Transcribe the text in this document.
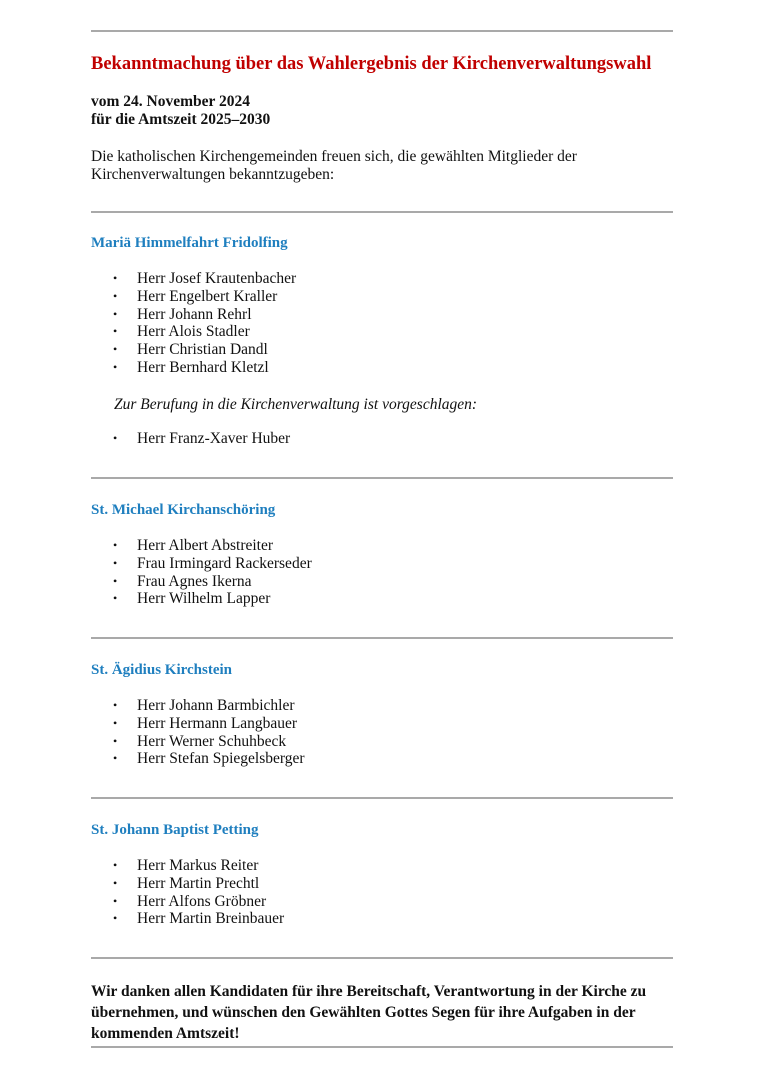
Bekanntmachung über das Wahlergebnis der Kirchenverwaltungswahl
vom 24. November 2024
für die Amtszeit 2025–2030
Die katholischen Kirchengemeinden freuen sich, die gewählten Mitglieder der
Kirchenverwaltungen bekanntzugeben:
Mariä Himmelfahrt Fridolfing
• Herr Josef Krautenbacher
• Herr Engelbert Kraller
• Herr Johann Rehrl
• Herr Alois Stadler
• Herr Christian Dandl
• Herr Bernhard Kletzl
Zur Berufung in die Kirchenverwaltung ist vorgeschlagen:
• Herr Franz-Xaver Huber
St. Michael Kirchanschöring
• Herr Albert Abstreiter
• Frau Irmingard Rackerseder
• Frau Agnes Ikerna
• Herr Wilhelm Lapper
St. Ägidius Kirchstein
• Herr Johann Barmbichler
• Herr Hermann Langbauer
• Herr Werner Schuhbeck
• Herr Stefan Spiegelsberger
St. Johann Baptist Petting
• Herr Markus Reiter
• Herr Martin Prechtl
• Herr Alfons Gröbner
• Herr Martin Breinbauer
Wir danken allen Kandidaten für ihre Bereitschaft, Verantwortung in der Kirche zu
übernehmen, und wünschen den Gewählten Gottes Segen für ihre Aufgaben in der
kommenden Amtszeit!
